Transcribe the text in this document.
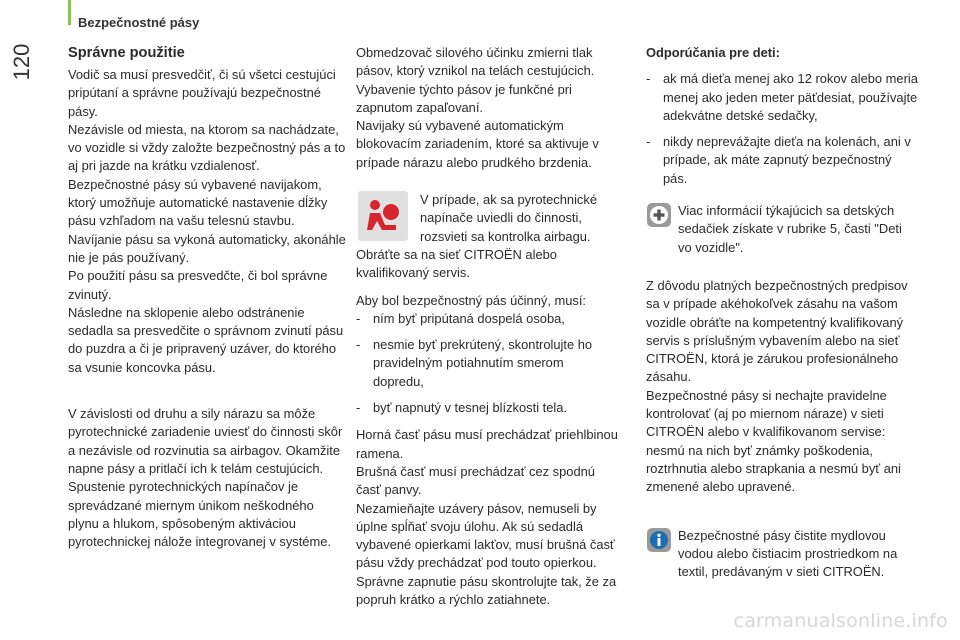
Bezpečnostné pásy
120 Správne použitie

Vodič sa musí presvedčiť, či sú všetci cestujúci pripútaní a správne používajú bezpečnostné pásy.

Nezávisle od miesta, na ktorom sa nachádzate, vo vozidle si vždy založte bezpečnostný pás a to aj pri jazde na krátku vzdialenosť.

Bezpečnostné pásy sú vybavené navijakom, ktorý umožňuje automatické nastavenie dĺžky pásu vzhľadom na vašu telesnú stavbu. Navíjanie pásu sa vykoná automaticky, akonáhle nie je pás používaný.

Po použití pásu sa presvedčte, či bol správne zvinutý.

Následne na sklopenie alebo odstránenie sedadla sa presvedčite o správnom zvinutí pásu do puzdra a či je pripravený uzáver, do ktorého sa vsunie koncovka pásu.

V závislosti od druhu a sily nárazu sa môže pyrotechnické zariadenie uviesť do činnosti skôr a nezávisle od rozvinutia sa airbagov. Okamžite napne pásy a pritlačí ich k telám cestujúcich.

Spustenie pyrotechnických napínačov je sprevádzané miernym únikom neškodného plynu a hlukom, spôsobeným aktiváciou pyrotechnickej nálože integrovanej v systéme.

Obmedzovač silového účinku zmierni tlak pásov, ktorý vznikol na telách cestujúcich.

Vybavenie týchto pásov je funkčné pri zapnutom zapaľovaní.

Navijaky sú vybavené automatickým blokovacím zariadením, ktoré sa aktivuje v prípade nárazu alebo prudkého brzdenia.

V prípade, ak sa pyrotechnické napínače uviedli do činnosti, rozsvieti sa kontrolka airbagu. Obráťte sa na sieť CITROËN alebo kvalifikovaný servis.

Aby bol bezpečnostný pás účinný, musí:

- ním byť pripútaná dospelá osoba,
- nesmie byť prekrútený, skontrolujte ho pravidelným potiahnutím smerom dopredu,
- byť napnutý v tesnej blízkosti tela.

Horná časť pásu musí prechádzať priehlbinou ramena.

Brušná časť musí prechádzať cez spodnú časť panvy.

Nezamieňajte uzávery pásov, nemuseli by úplne spĺňať svoju úlohu. Ak sú sedadlá vybavené opierkami lakťov, musí brušná časť pásu vždy prechádzať pod touto opierkou.

Správne zapnutie pásu skontrolujte tak, že za popruh krátko a rýchlo zatiahnete.

Odporúčania pre deti:

- ak má dieťa menej ako 12 rokov alebo meria menej ako jeden meter päťdesiat, používajte adekvátne detské sedačky,
- nikdy neprevážajte dieťa na kolenách, ani v prípade, ak máte zapnutý bezpečnostný pás.

Viac informácií týkajúcich sa detských sedačiek získate v rubrike 5, časti "Deti vo vozidle".

Z dôvodu platných bezpečnostných predpisov sa v prípade akéhokoľvek zásahu na vašom vozidle obráťte na kompetentný kvalifikovaný servis s príslušným vybavením alebo na sieť CITROËN, ktorá je zárukou profesionálneho zásahu.

Bezpečnostné pásy si nechajte pravidelne kontrolovať (aj po miernom náraze) v sieti CITROËN alebo v kvalifikovanom servise: nesmú na nich byť známky poškodenia, roztrhnutia alebo strapkania a nesmú byť ani zmenené alebo upravené.

Bezpečnostné pásy čistite mydlovou vodou alebo čistiacim prostriedkom na textil, predávaným v sieti CITROËN.

carmanualsonline.info
